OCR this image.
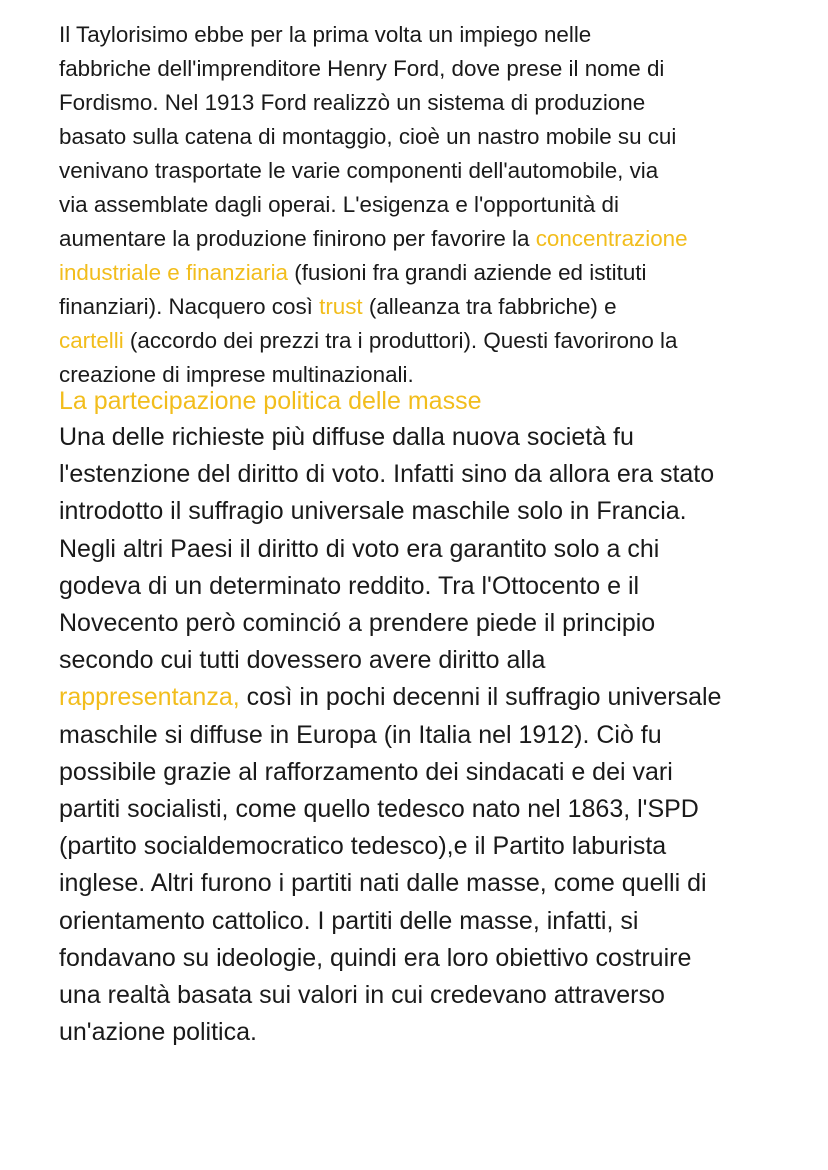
Il Taylorisimo ebbe per la prima volta un impiego nelle
fabbriche dell'imprenditore Henry Ford, dove prese il nome di
Fordismo. Nel 1913 Ford realizzò un sistema di produzione
basato sulla catena di montaggio, cioè un nastro mobile su cui
venivano trasportate le varie componenti dell'automobile, via
via assemblate dagli operai. L'esigenza e l'opportunità di
aumentare la produzione finirono per favorire la concentrazione
industriale e finanziaria (fusioni fra grandi aziende ed istituti
finanziari). Nacquero così trust (alleanza tra fabbriche) e
cartelli (accordo dei prezzi tra i produttori). Questi favorirono la
creazione di imprese multinazionali.

La partecipazione politica delle masse

Una delle richieste più diffuse dalla nuova società fu
l'estenzione del diritto di voto. Infatti sino da allora era stato
introdotto il suffragio universale maschile solo in Francia.
Negli altri Paesi il diritto di voto era garantito solo a chi
godeva di un determinato reddito. Tra l'Ottocento e il
Novecento però cominció a prendere piede il principio
secondo cui tutti dovessero avere diritto alla
rappresentanza, così in pochi decenni il suffragio universale
maschile si diffuse in Europa (in Italia nel 1912). Ciò fu
possibile grazie al rafforzamento dei sindacati e dei vari
partiti socialisti, come quello tedesco nato nel 1863, l'SPD
(partito socialdemocratico tedesco),e il Partito laburista
inglese. Altri furono i partiti nati dalle masse, come quelli di
orientamento cattolico. I partiti delle masse, infatti, si
fondavano su ideologie, quindi era loro obiettivo costruire
una realtà basata sui valori in cui credevano attraverso
un'azione politica.
